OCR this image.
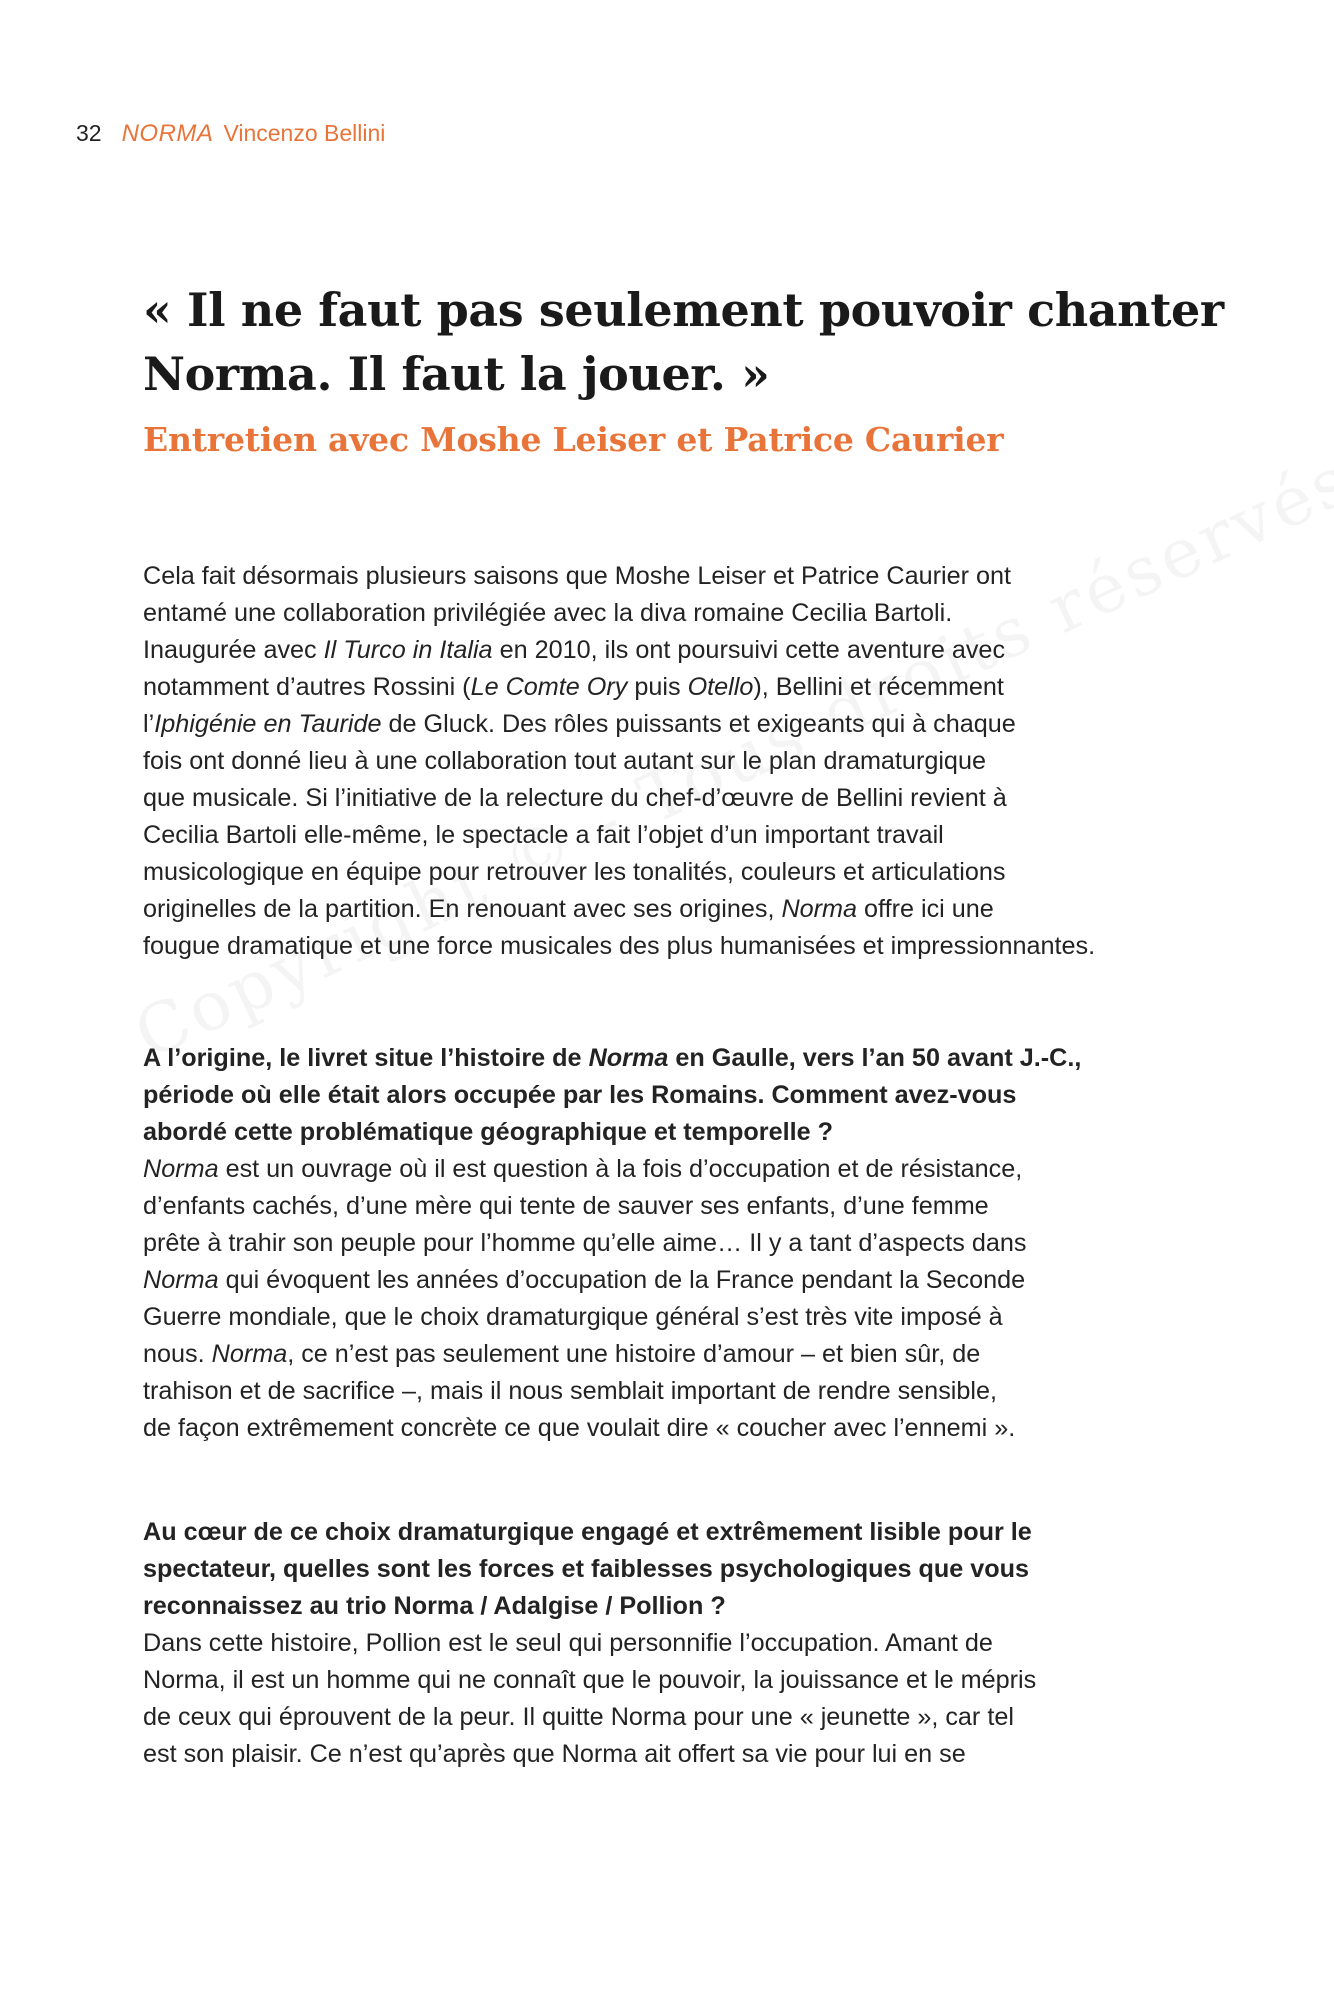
32 NORMA Vincenzo Bellini
« Il ne faut pas seulement pouvoir chanter
Norma. Il faut la jouer. »
Entretien avec Moshe Leiser et Patrice Caurier
Cela fait désormais plusieurs saisons que Moshe Leiser et Patrice Caurier ont
entamé une collaboration privilégiée avec la diva romaine Cecilia Bartoli.
Inaugurée avec Il Turco in Italia en 2010, ils ont poursuivi cette aventure avec
notamment d’autres Rossini (Le Comte Ory puis Otello), Bellini et récemment
l’Iphigénie en Tauride de Gluck. Des rôles puissants et exigeants qui à chaque
fois ont donné lieu à une collaboration tout autant sur le plan dramaturgique
que musicale. Si l’initiative de la relecture du chef-d’œuvre de Bellini revient à
Cecilia Bartoli elle-même, le spectacle a fait l’objet d’un important travail
musicologique en équipe pour retrouver les tonalités, couleurs et articulations
originelles de la partition. En renouant avec ses origines, Norma offre ici une
fougue dramatique et une force musicales des plus humanisées et impressionnantes.
A l’origine, le livret situe l’histoire de Norma en Gaulle, vers l’an 50 avant J.-C.,
période où elle était alors occupée par les Romains. Comment avez-vous
abordé cette problématique géographique et temporelle ?
Norma est un ouvrage où il est question à la fois d’occupation et de résistance,
d’enfants cachés, d’une mère qui tente de sauver ses enfants, d’une femme
prête à trahir son peuple pour l’homme qu’elle aime… Il y a tant d’aspects dans
Norma qui évoquent les années d’occupation de la France pendant la Seconde
Guerre mondiale, que le choix dramaturgique général s’est très vite imposé à
nous. Norma, ce n’est pas seulement une histoire d’amour – et bien sûr, de
trahison et de sacrifice –, mais il nous semblait important de rendre sensible,
de façon extrêmement concrète ce que voulait dire « coucher avec l’ennemi ».
Au cœur de ce choix dramaturgique engagé et extrêmement lisible pour le
spectateur, quelles sont les forces et faiblesses psychologiques que vous
reconnaissez au trio Norma / Adalgise / Pollion ?
Dans cette histoire, Pollion est le seul qui personnifie l’occupation. Amant de
Norma, il est un homme qui ne connaît que le pouvoir, la jouissance et le mépris
de ceux qui éprouvent de la peur. Il quitte Norma pour une « jeunette », car tel
est son plaisir. Ce n’est qu’après que Norma ait offert sa vie pour lui en se
